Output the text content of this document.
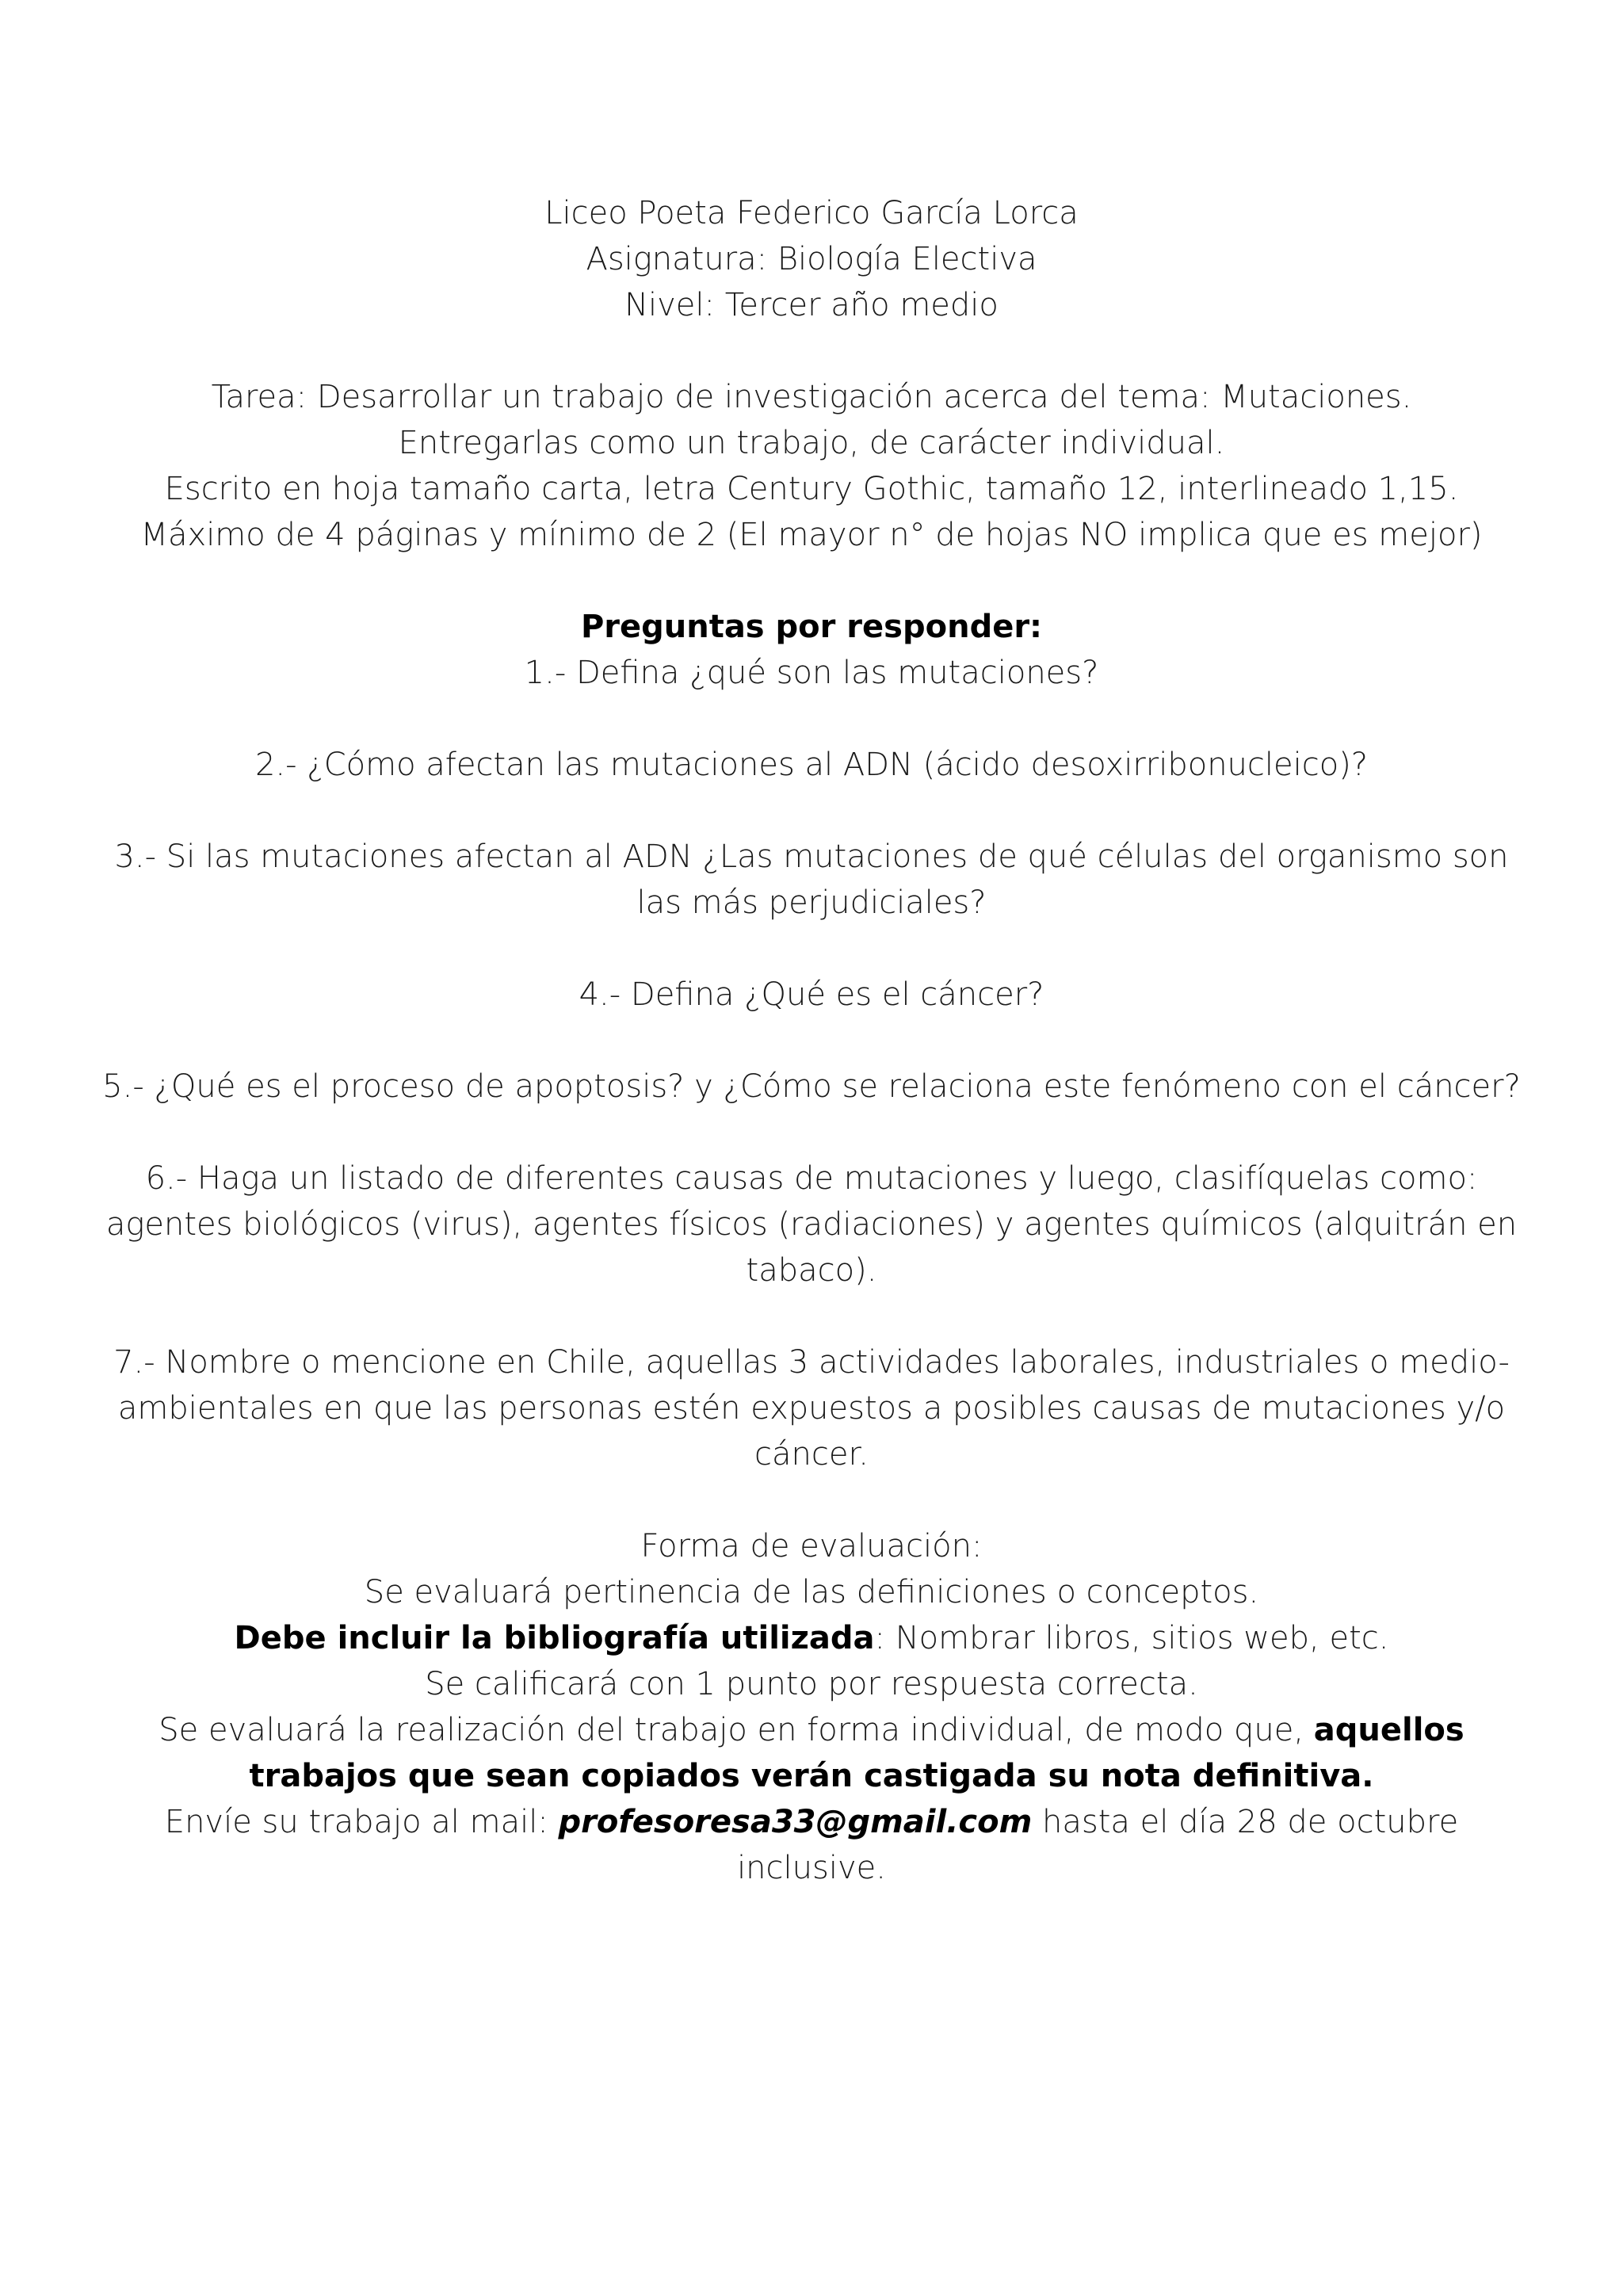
Liceo Poeta Federico García Lorca

Asignatura: Biología Electiva

Nivel: Tercer año medio

Tarea: Desarrollar un trabajo de investigación acerca del tema: Mutaciones.

Entregarlas como un trabajo, de carácter individual.

Escrito en hoja tamaño carta, letra Century Gothic, tamaño 12, interlineado 1,15.

Máximo de 4 páginas y mínimo de 2 (El mayor n° de hojas NO implica que es mejor)

Preguntas por responder:

1.- Defina ¿qué son las mutaciones?

2.- ¿Cómo afectan las mutaciones al ADN (ácido desoxirribonucleico)?

3.- Si las mutaciones afectan al ADN ¿Las mutaciones de qué células del organismo son las más perjudiciales?

4.- Defina ¿Qué es el cáncer?

5.- ¿Qué es el proceso de apoptosis? y ¿Cómo se relaciona este fenómeno con el cáncer?

6.- Haga un listado de diferentes causas de mutaciones y luego, clasifíquelas como: agentes biológicos (virus), agentes físicos (radiaciones) y agentes químicos (alquitrán en tabaco).

7.- Nombre o mencione en Chile, aquellas 3 actividades laborales, industriales o medio-ambientales en que las personas estén expuestos a posibles causas de mutaciones y/o cáncer.

Forma de evaluación:

Se evaluará pertinencia de las definiciones o conceptos.

Debe incluir la bibliografía utilizada: Nombrar libros, sitios web, etc.

Se calificará con 1 punto por respuesta correcta.

Se evaluará la realización del trabajo en forma individual, de modo que, aquellos trabajos que sean copiados verán castigada su nota definitiva.

Envíe su trabajo al mail: profesoresa33@gmail.com hasta el día 28 de octubre inclusive.
